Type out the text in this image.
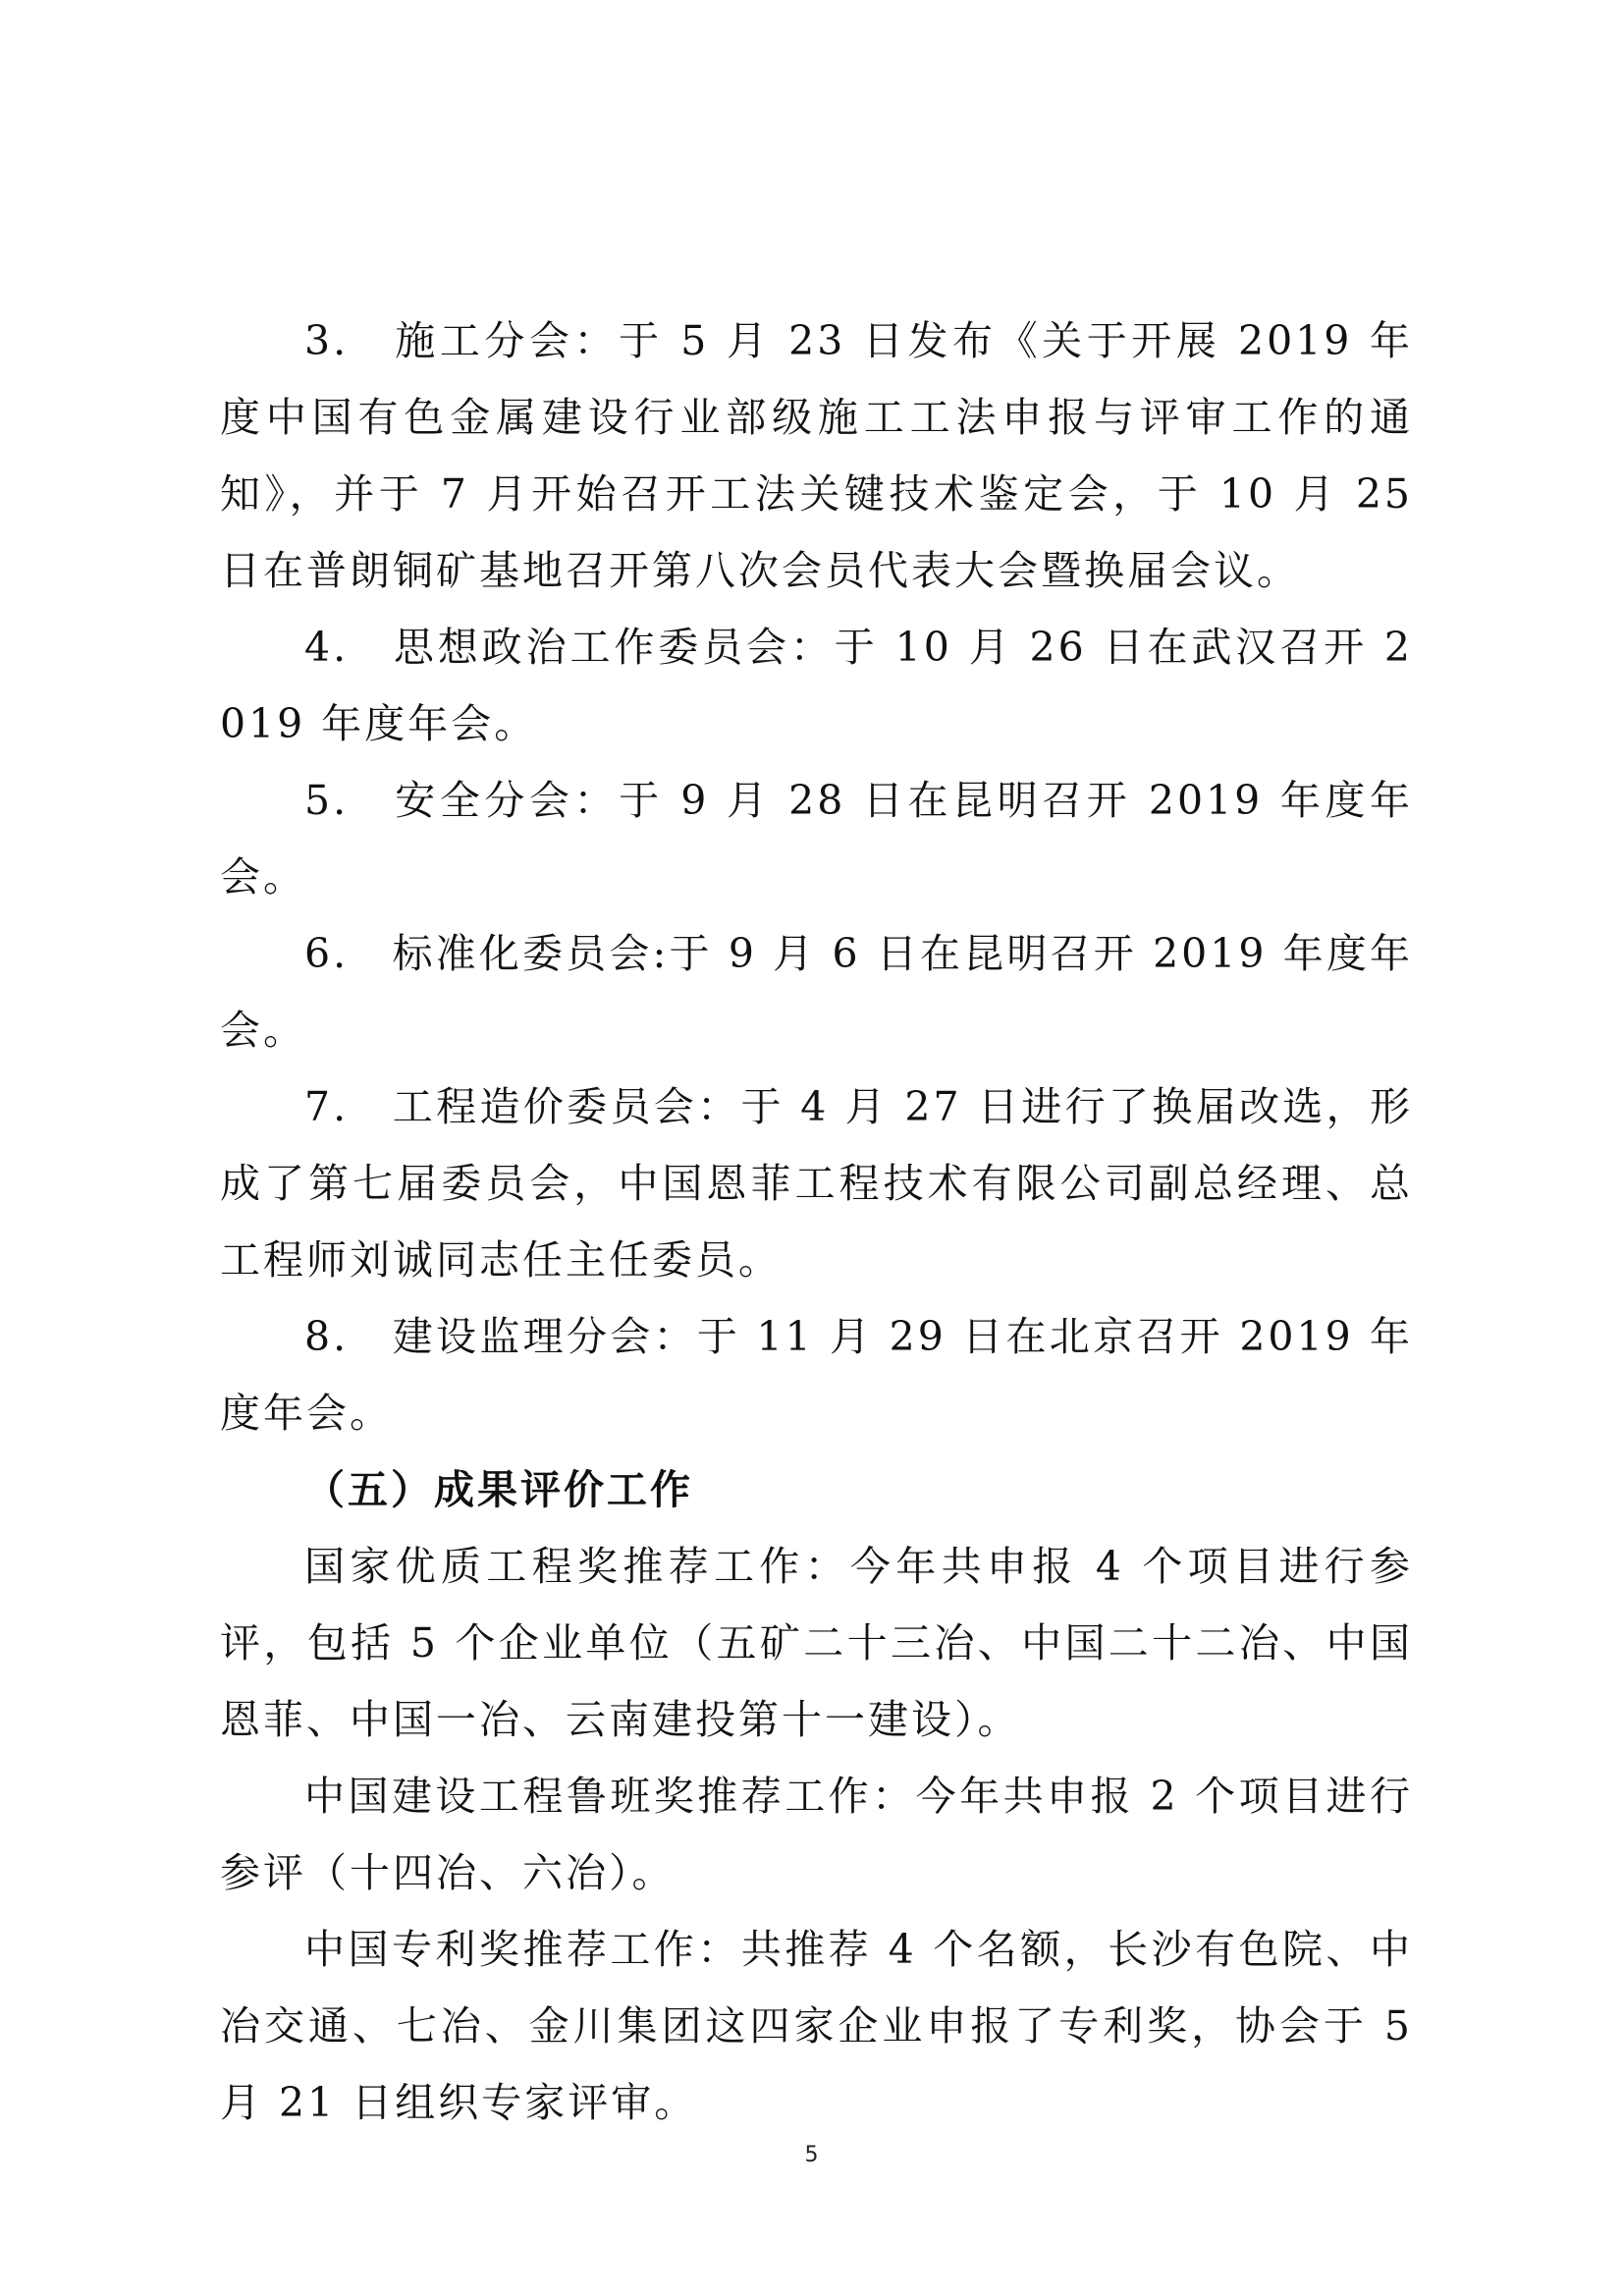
3.　施工分会：于 5 月 23 日发布《关于开展 2019 年度中国有色金属建设行业部级施工工法申报与评审工作的通知》，并于 7 月开始召开工法关键技术鉴定会，于 10 月 25 日在普朗铜矿基地召开第八次会员代表大会暨换届会议。

4.　思想政治工作委员会：于 10 月 26 日在武汉召开 2019 年度年会。

5.　安全分会：于 9 月 28 日在昆明召开 2019 年度年会。

6.　标准化委员会:于 9 月 6 日在昆明召开 2019 年度年会。

7.　工程造价委员会：于 4 月 27 日进行了换届改选，形成了第七届委员会，中国恩菲工程技术有限公司副总经理、总工程师刘诚同志任主任委员。

8.　建设监理分会：于 11 月 29 日在北京召开 2019 年度年会。

（五）成果评价工作

国家优质工程奖推荐工作：今年共申报 4 个项目进行参评，包括 5 个企业单位（五矿二十三冶、中国二十二冶、中国恩菲、中国一冶、云南建投第十一建设）。

中国建设工程鲁班奖推荐工作：今年共申报 2 个项目进行参评（十四冶、六冶）。

中国专利奖推荐工作：共推荐 4 个名额，长沙有色院、中冶交通、七冶、金川集团这四家企业申报了专利奖，协会于 5 月 21 日组织专家评审。

5
